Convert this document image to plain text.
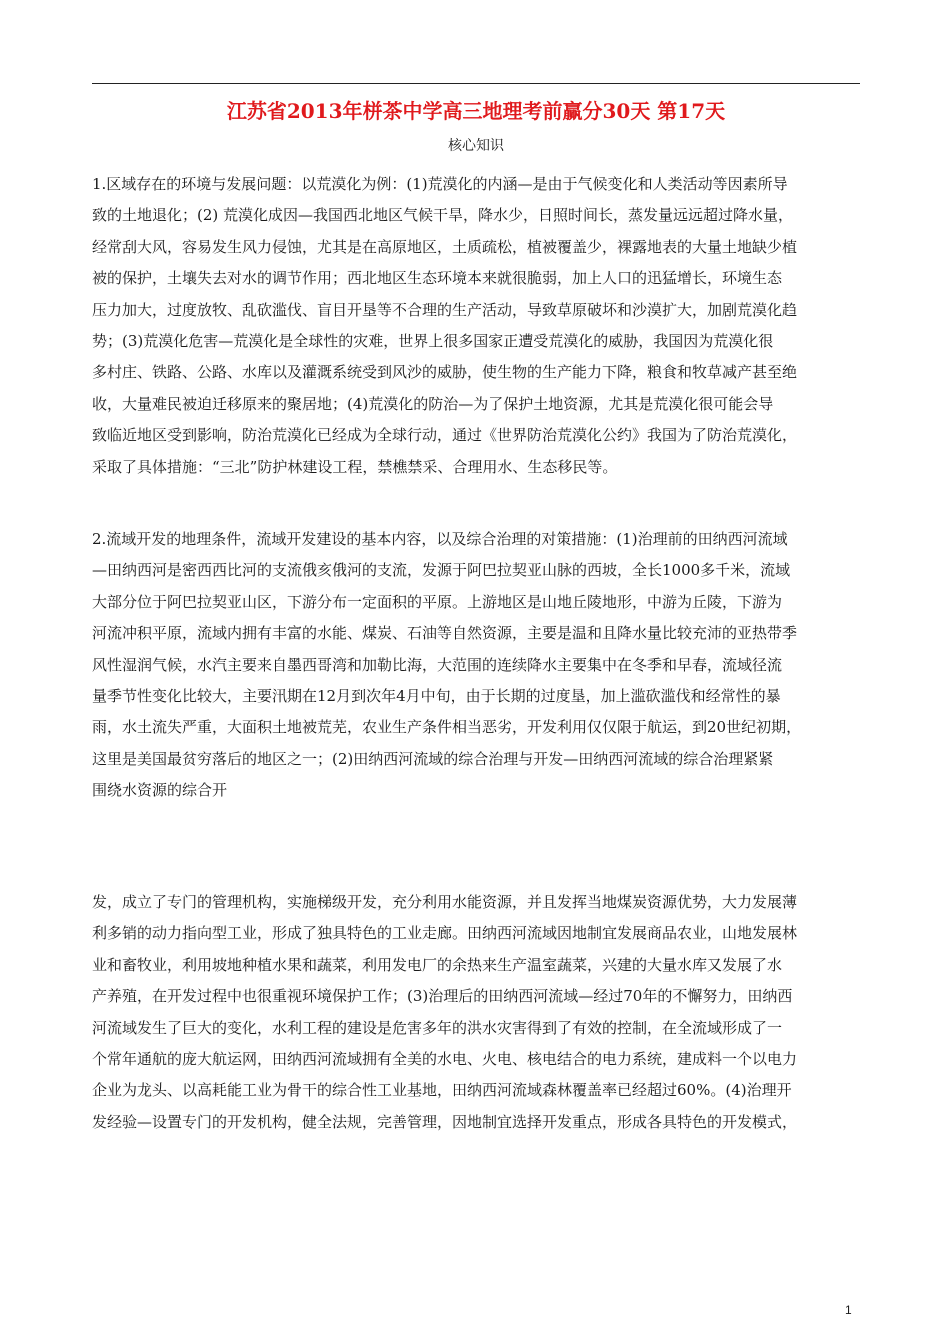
江苏省2013年栟茶中学高三地理考前赢分30天 第17天
核心知识
1.区域存在的环境与发展问题：以荒漠化为例：(1)荒漠化的内涵—是由于气候变化和人类活动等因素所导
致的土地退化；(2) 荒漠化成因—我国西北地区气候干旱，降水少，日照时间长，蒸发量远远超过降水量，
经常刮大风，容易发生风力侵蚀，尤其是在高原地区，土质疏松，植被覆盖少，裸露地表的大量土地缺少植
被的保护，土壤失去对水的调节作用；西北地区生态环境本来就很脆弱，加上人口的迅猛增长，环境生态
压力加大，过度放牧、乱砍滥伐、盲目开垦等不合理的生产活动，导致草原破坏和沙漠扩大，加剧荒漠化趋
势；(3)荒漠化危害—荒漠化是全球性的灾难，世界上很多国家正遭受荒漠化的威胁，我国因为荒漠化很
多村庄、铁路、公路、水库以及灌溉系统受到风沙的威胁，使生物的生产能力下降，粮食和牧草减产甚至绝
收，大量难民被迫迁移原来的聚居地；(4)荒漠化的防治—为了保护土地资源，尤其是荒漠化很可能会导
致临近地区受到影响，防治荒漠化已经成为全球行动，通过《世界防治荒漠化公约》我国为了防治荒漠化，
采取了具体措施：“三北”防护林建设工程，禁樵禁采、合理用水、生态移民等。
2.流域开发的地理条件，流域开发建设的基本内容，以及综合治理的对策措施：(1)治理前的田纳西河流域
—田纳西河是密西西比河的支流俄亥俄河的支流，发源于阿巴拉契亚山脉的西坡，全长1000多千米，流域
大部分位于阿巴拉契亚山区，下游分布一定面积的平原。上游地区是山地丘陵地形，中游为丘陵，下游为
河流冲积平原，流域内拥有丰富的水能、煤炭、石油等自然资源，主要是温和且降水量比较充沛的亚热带季
风性湿润气候，水汽主要来自墨西哥湾和加勒比海，大范围的连续降水主要集中在冬季和早春，流域径流
量季节性变化比较大，主要汛期在12月到次年4月中旬，由于长期的过度垦，加上滥砍滥伐和经常性的暴
雨，水土流失严重，大面积土地被荒芜，农业生产条件相当恶劣，开发利用仅仅限于航运，到20世纪初期，
这里是美国最贫穷落后的地区之一；(2)田纳西河流域的综合治理与开发—田纳西河流域的综合治理紧紧
围绕水资源的综合开
发，成立了专门的管理机构，实施梯级开发，充分利用水能资源，并且发挥当地煤炭资源优势，大力发展薄
利多销的动力指向型工业，形成了独具特色的工业走廊。田纳西河流域因地制宜发展商品农业，山地发展林
业和畜牧业，利用坡地种植水果和蔬菜，利用发电厂的余热来生产温室蔬菜，兴建的大量水库又发展了水
产养殖，在开发过程中也很重视环境保护工作；(3)治理后的田纳西河流域—经过70年的不懈努力，田纳西
河流域发生了巨大的变化，水利工程的建设是危害多年的洪水灾害得到了有效的控制，在全流域形成了一
个常年通航的庞大航运网，田纳西河流域拥有全美的水电、火电、核电结合的电力系统，建成料一个以电力
企业为龙头、以高耗能工业为骨干的综合性工业基地，田纳西河流域森林覆盖率已经超过60%。(4)治理开
发经验—设置专门的开发机构，健全法规，完善管理，因地制宜选择开发重点，形成各具特色的开发模式，
1
